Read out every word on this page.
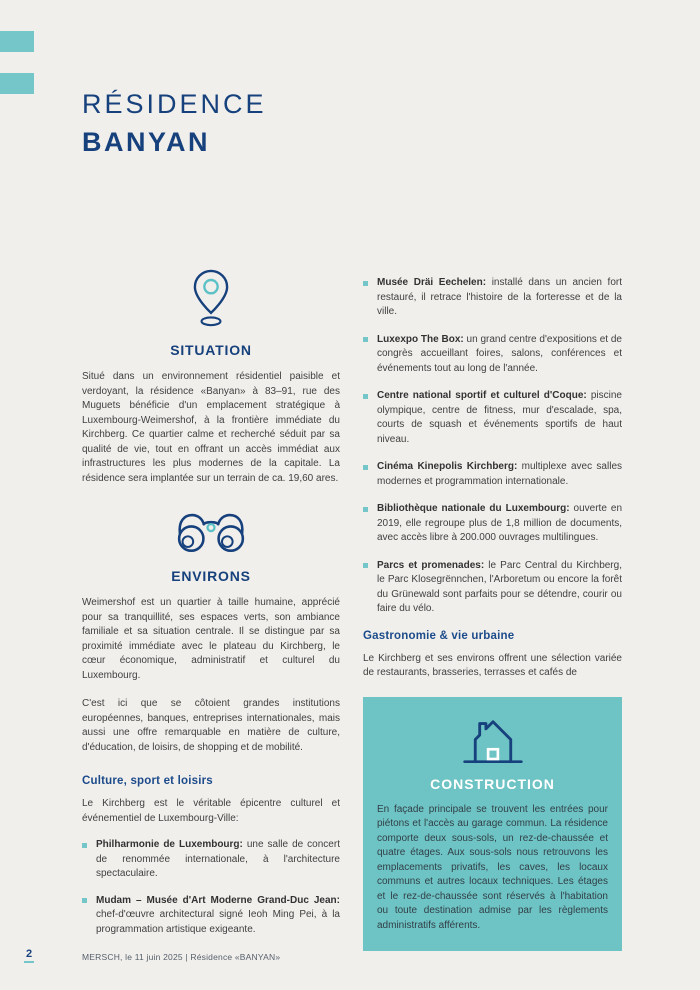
RÉSIDENCE
BANYAN
SITUATION

Situé dans un environnement résidentiel paisible et verdoyant, la résidence «Banyan» à 83–91, rue des Muguets bénéficie d'un emplacement stratégique à Luxembourg-Weimershof, à la frontière immédiate du Kirchberg. Ce quartier calme et recherché séduit par sa qualité de vie, tout en offrant un accès immédiat aux infrastructures les plus modernes de la capitale. La résidence sera implantée sur un terrain de ca. 19,60 ares.

ENVIRONS

Weimershof est un quartier à taille humaine, apprécié pour sa tranquillité, ses espaces verts, son ambiance familiale et sa situation centrale. Il se distingue par sa proximité immédiate avec le plateau du Kirchberg, le cœur économique, administratif et culturel du Luxembourg.

C'est ici que se côtoient grandes institutions européennes, banques, entreprises internationales, mais aussi une offre remarquable en matière de culture, d'éducation, de loisirs, de shopping et de mobilité.

Culture, sport et loisirs

Le Kirchberg est le véritable épicentre culturel et événementiel de Luxembourg-Ville:

Philharmonie de Luxembourg: une salle de concert de renommée internationale, à l'architecture spectaculaire.
Mudam – Musée d'Art Moderne Grand-Duc Jean: chef-d'œuvre architectural signé Ieoh Ming Pei, à la programmation artistique exigeante.
Musée Dräi Eechelen: installé dans un ancien fort restauré, il retrace l'histoire de la forteresse et de la ville.
Luxexpo The Box: un grand centre d'expositions et de congrès accueillant foires, salons, conférences et événements tout au long de l'année.
Centre national sportif et culturel d'Coque: piscine olympique, centre de fitness, mur d'escalade, spa, courts de squash et événements sportifs de haut niveau.
Cinéma Kinepolis Kirchberg: multiplexe avec salles modernes et programmation internationale.
Bibliothèque nationale du Luxembourg: ouverte en 2019, elle regroupe plus de 1,8 million de documents, avec accès libre à 200.000 ouvrages multilingues.
Parcs et promenades: le Parc Central du Kirchberg, le Parc Klosegrënnchen, l'Arboretum ou encore la forêt du Grünewald sont parfaits pour se détendre, courir ou faire du vélo.
Gastronomie & vie urbaine

Le Kirchberg et ses environs offrent une sélection variée de restaurants, brasseries, terrasses et cafés de

CONSTRUCTION

En façade principale se trouvent les entrées pour piétons et l'accès au garage commun. La résidence comporte deux sous-sols, un rez-de-chaussée et quatre étages. Aux sous-sols nous retrouvons les emplacements privatifs, les caves, les locaux communs et autres locaux techniques. Les étages et le rez-de-chaussée sont réservés à l'habitation ou toute destination admise par les règlements administratifs afférents.

2	MERSCH, le 11 juin 2025 | Résidence «BANYAN»
